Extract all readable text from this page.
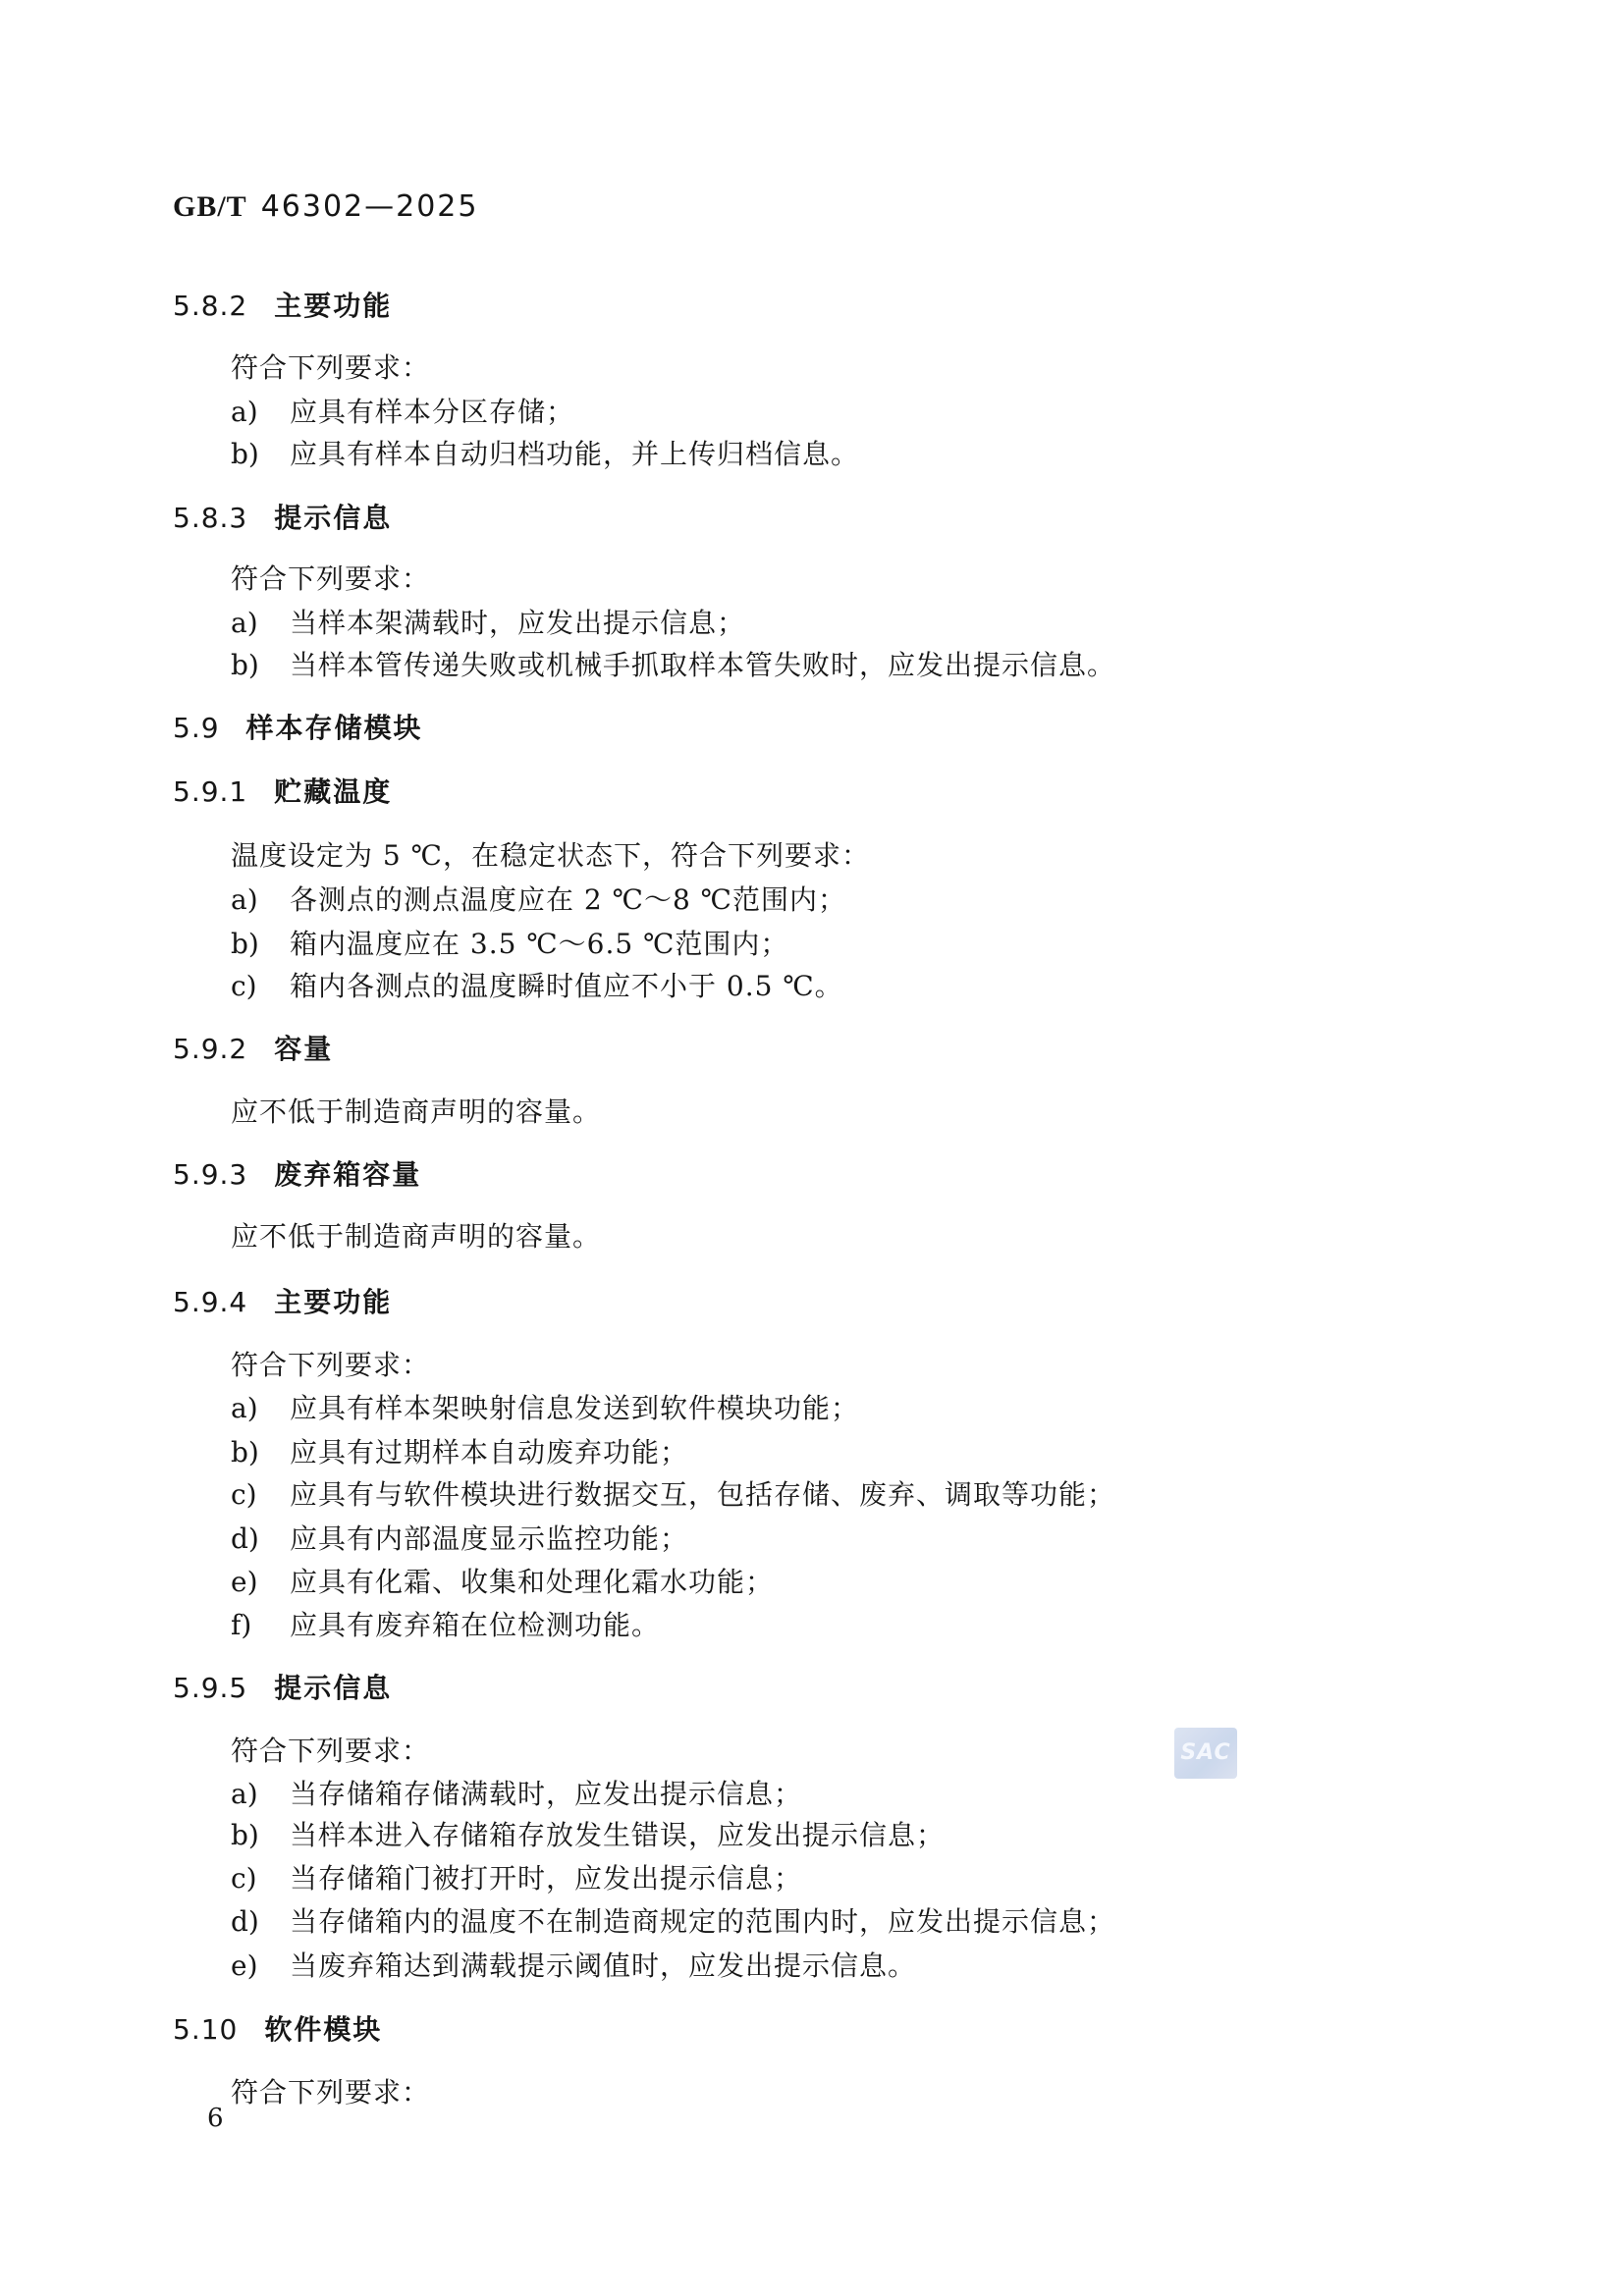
GB/T 46302—2025
5.8.2 主要功能
符合下列要求：
a) 应具有样本分区存储；
b) 应具有样本自动归档功能，并上传归档信息。
5.8.3 提示信息
符合下列要求：
a) 当样本架满载时，应发出提示信息；
b) 当样本管传递失败或机械手抓取样本管失败时，应发出提示信息。
5.9 样本存储模块
5.9.1 贮藏温度
温度设定为 5 ℃，在稳定状态下，符合下列要求：
a) 各测点的测点温度应在 2 ℃～8 ℃范围内；
b) 箱内温度应在 3.5 ℃～6.5 ℃范围内；
c) 箱内各测点的温度瞬时值应不小于 0.5 ℃。
5.9.2 容量
应不低于制造商声明的容量。
5.9.3 废弃箱容量
应不低于制造商声明的容量。
5.9.4 主要功能
符合下列要求：
a) 应具有样本架映射信息发送到软件模块功能；
b) 应具有过期样本自动废弃功能；
c) 应具有与软件模块进行数据交互，包括存储、废弃、调取等功能；
d) 应具有内部温度显示监控功能；
e) 应具有化霜、收集和处理化霜水功能；
f) 应具有废弃箱在位检测功能。
5.9.5 提示信息
符合下列要求：
a) 当存储箱存储满载时，应发出提示信息；
b) 当样本进入存储箱存放发生错误，应发出提示信息；
c) 当存储箱门被打开时，应发出提示信息；
d) 当存储箱内的温度不在制造商规定的范围内时，应发出提示信息；
e) 当废弃箱达到满载提示阈值时，应发出提示信息。
5.10 软件模块
符合下列要求：
6
SAC
